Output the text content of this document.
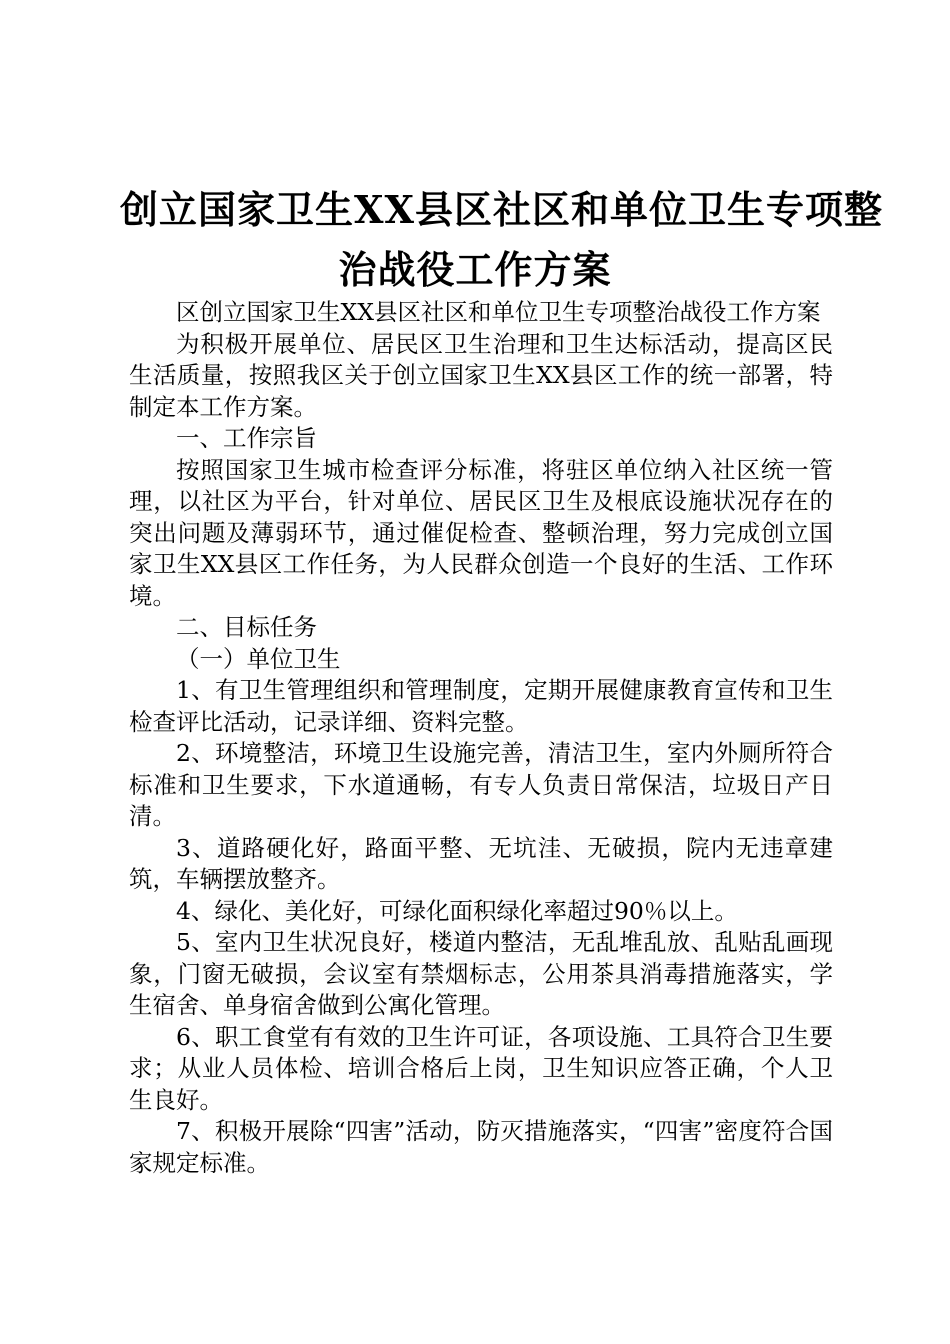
创立国家卫生XX县区社区和单位卫生专项整
治战役工作方案

区创立国家卫生XX县区社区和单位卫生专项整治战役工作方案

为积极开展单位、居民区卫生治理和卫生达标活动，提高区民生活质量，按照我区关于创立国家卫生XX县区工作的统一部署，特制定本工作方案。

一、工作宗旨

按照国家卫生城市检查评分标准，将驻区单位纳入社区统一管理，以社区为平台，针对单位、居民区卫生及根底设施状况存在的突出问题及薄弱环节，通过催促检查、整顿治理，努力完成创立国家卫生XX县区工作任务，为人民群众创造一个良好的生活、工作环境。

二、目标任务

（一）单位卫生

1、有卫生管理组织和管理制度，定期开展健康教育宣传和卫生检查评比活动，记录详细、资料完整。

2、环境整洁，环境卫生设施完善，清洁卫生，室内外厕所符合标准和卫生要求，下水道通畅，有专人负责日常保洁，垃圾日产日清。

3、道路硬化好，路面平整、无坑洼、无破损，院内无违章建筑，车辆摆放整齐。

4、绿化、美化好，可绿化面积绿化率超过90％以上。

5、室内卫生状况良好，楼道内整洁，无乱堆乱放、乱贴乱画现象，门窗无破损，会议室有禁烟标志，公用茶具消毒措施落实，学生宿舍、单身宿舍做到公寓化管理。

6、职工食堂有有效的卫生许可证，各项设施、工具符合卫生要求；从业人员体检、培训合格后上岗，卫生知识应答正确，个人卫生良好。

7、积极开展除“四害”活动，防灭措施落实，“四害”密度符合国家规定标准。
